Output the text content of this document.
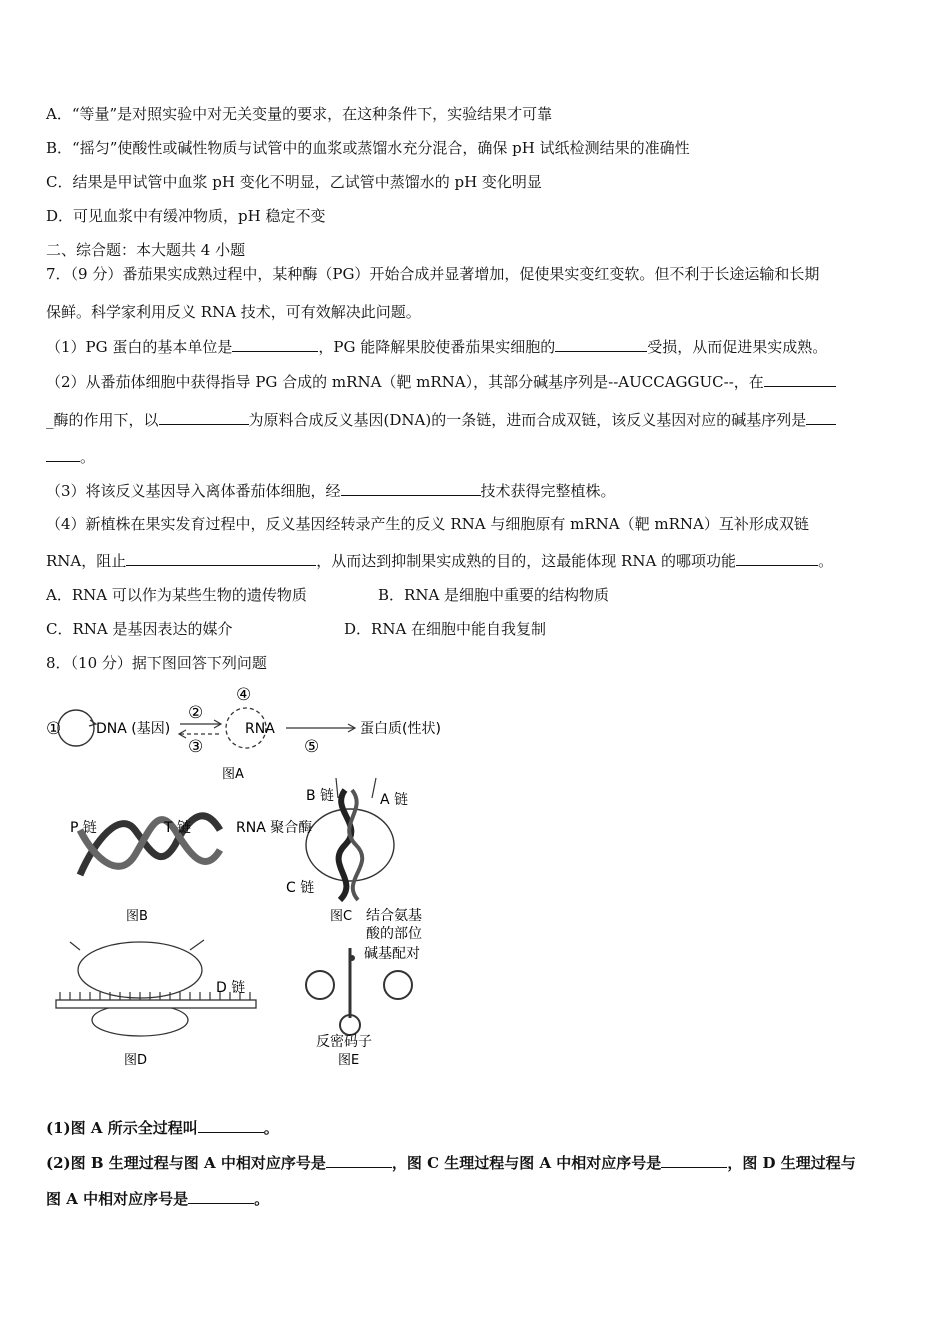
A．“等量”是对照实验中对无关变量的要求，在这种条件下，实验结果才可靠
B．“摇匀”使酸性或碱性物质与试管中的血浆或蒸馏水充分混合，确保 pH 试纸检测结果的准确性
C．结果是甲试管中血浆 pH 变化不明显，乙试管中蒸馏水的 pH 变化明显
D．可见血浆中有缓冲物质，pH 稳定不变
二、综合题：本大题共 4 小题
7．（9 分）番茄果实成熟过程中，某种酶（PG）开始合成并显著增加，促使果实变红变软。但不利于长途运输和长期
保鲜。科学家利用反义 RNA 技术，可有效解决此问题。
（1）PG 蛋白的基本单位是	，PG 能降解果胶使番茄果实细胞的	受损，从而促进果实成熟。
（2）从番茄体细胞中获得指导 PG 合成的 mRNA（靶 mRNA），其部分碱基序列是--AUCCAGGUC--，在
_酶的作用下，以	为原料合成反义基因(DNA)的一条链，进而合成双链，该反义基因对应的碱基序列是
。
（3）将该反义基因导入离体番茄体细胞，经	技术获得完整植株。
（4）新植株在果实发育过程中，反义基因经转录产生的反义 RNA 与细胞原有 mRNA（靶 mRNA）互补形成双链
RNA，阻止	，从而达到抑制果实成熟的目的，这最能体现 RNA 的哪项功能	。
A．RNA 可以作为某些生物的遗传物质	B．RNA 是细胞中重要的结构物质
C．RNA 是基因表达的媒介	D．RNA 在细胞中能自我复制
8．（10 分）据下图回答下列问题
① DNA (基因)
②
③
④
RNA
⑤
蛋白质(性状)
图A
P 链	T 链
图B
B 链	A 链
RNA 聚合酶
C 链
图C
D 链
图D
结合氨基
酸的部位
碱基配对
反密码子
图E
(1)图 A 所示全过程叫	。
(2)图 B 生理过程与图 A 中相对应序号是	，图 C 生理过程与图 A 中相对应序号是	，图 D 生理过程与
图 A 中相对应序号是	。
